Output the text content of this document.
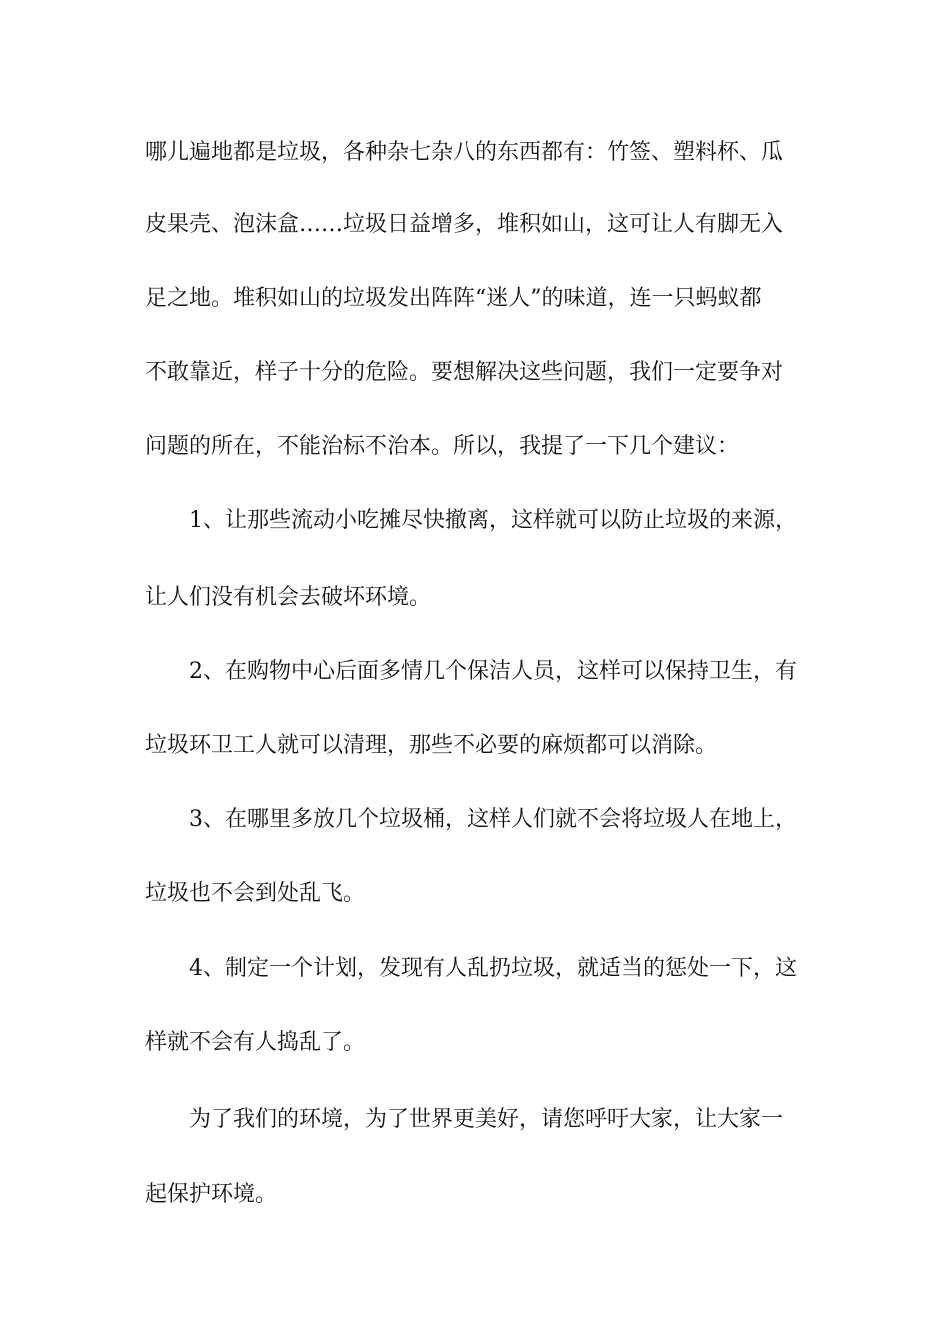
哪儿遍地都是垃圾，各种杂七杂八的东西都有：竹签、塑料杯、瓜

皮果壳、泡沫盒……垃圾日益增多，堆积如山，这可让人有脚无入

足之地。堆积如山的垃圾发出阵阵“迷人”的味道，连一只蚂蚁都

不敢靠近，样子十分的危险。要想解决这些问题，我们一定要争对

问题的所在，不能治标不治本。所以，我提了一下几个建议：

1、让那些流动小吃摊尽快撤离，这样就可以防止垃圾的来源，

让人们没有机会去破坏环境。

2、在购物中心后面多情几个保洁人员，这样可以保持卫生，有

垃圾环卫工人就可以清理，那些不必要的麻烦都可以消除。

3、在哪里多放几个垃圾桶，这样人们就不会将垃圾人在地上，

垃圾也不会到处乱飞。

4、制定一个计划，发现有人乱扔垃圾，就适当的惩处一下，这

样就不会有人捣乱了。

为了我们的环境，为了世界更美好，请您呼吁大家，让大家一

起保护环境。
